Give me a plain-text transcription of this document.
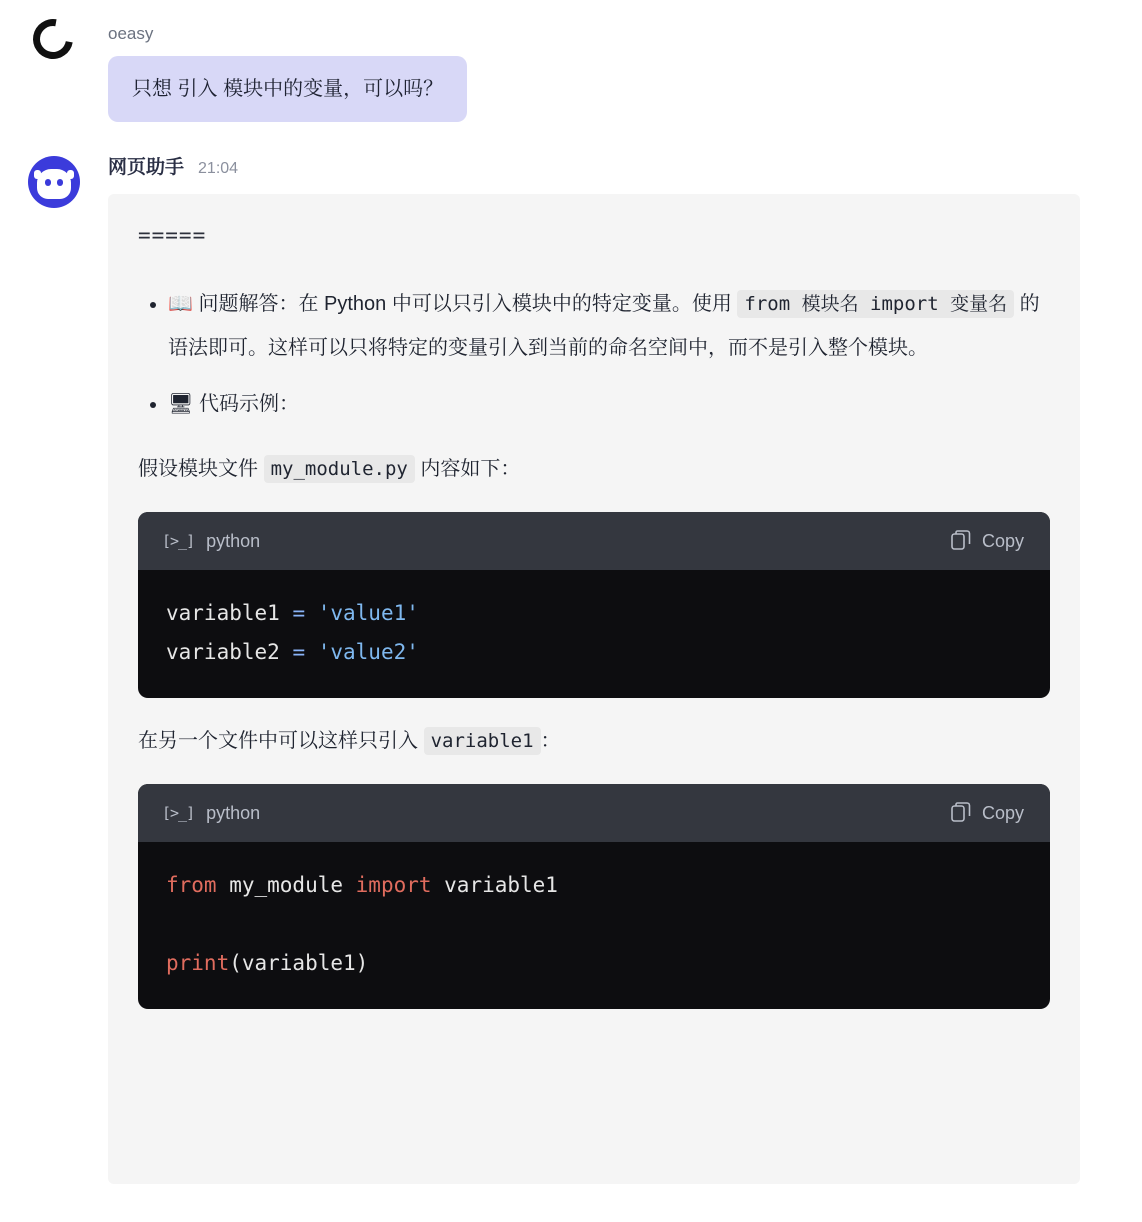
oeasy
只想 引入 模块中的变量，可以吗？
网页助手 21:04
=====
• 📖 问题解答：在 Python 中可以只引入模块中的特定变量。使用 from 模块名 import 变量名 的语法即可。这样可以只将特定的变量引入到当前的命名空间中，而不是引入整个模块。
• 🖥 代码示例：
假设模块文件 my_module.py 内容如下：
[>_] python	Copy
variable1 = 'value1'
variable2 = 'value2'
在另一个文件中可以这样只引入 variable1 ：
[>_] python	Copy
from my_module import variable1

print(variable1)
